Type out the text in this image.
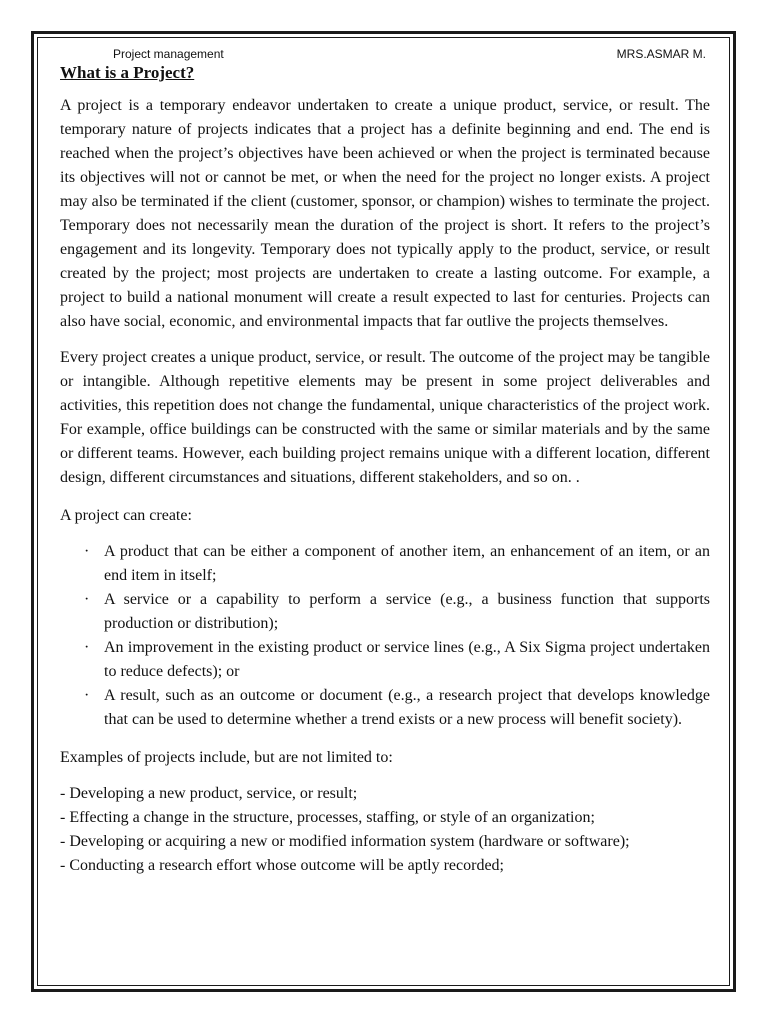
Project management	MRS.ASMAR M.
What is a Project?

A project is a temporary endeavor undertaken to create a unique product, service, or result. The temporary nature of projects indicates that a project has a definite beginning and end. The end is reached when the project’s objectives have been achieved or when the project is terminated because its objectives will not or cannot be met, or when the need for the project no longer exists. A project may also be terminated if the client (customer, sponsor, or champion) wishes to terminate the project. Temporary does not necessarily mean the duration of the project is short. It refers to the project’s engagement and its longevity. Temporary does not typically apply to the product, service, or result created by the project; most projects are undertaken to create a lasting outcome. For example, a project to build a national monument will create a result expected to last for centuries. Projects can also have social, economic, and environmental impacts that far outlive the projects themselves.

Every project creates a unique product, service, or result. The outcome of the project may be tangible or intangible. Although repetitive elements may be present in some project deliverables and activities, this repetition does not change the fundamental, unique characteristics of the project work. For example, office buildings can be constructed with the same or similar materials and by the same or different teams. However, each building project remains unique with a different location, different design, different circumstances and situations, different stakeholders, and so on. .

A project can create:

· A product that can be either a component of another item, an enhancement of an item, or an end item in itself;
· A service or a capability to perform a service (e.g., a business function that supports production or distribution);
· An improvement in the existing product or service lines (e.g., A Six Sigma project undertaken to reduce defects); or
· A result, such as an outcome or document (e.g., a research project that develops knowledge that can be used to determine whether a trend exists or a new process will benefit society).

Examples of projects include, but are not limited to:

- Developing a new product, service, or result;
- Effecting a change in the structure, processes, staffing, or style of an organization;
- Developing or acquiring a new or modified information system (hardware or software);
- Conducting a research effort whose outcome will be aptly recorded;
